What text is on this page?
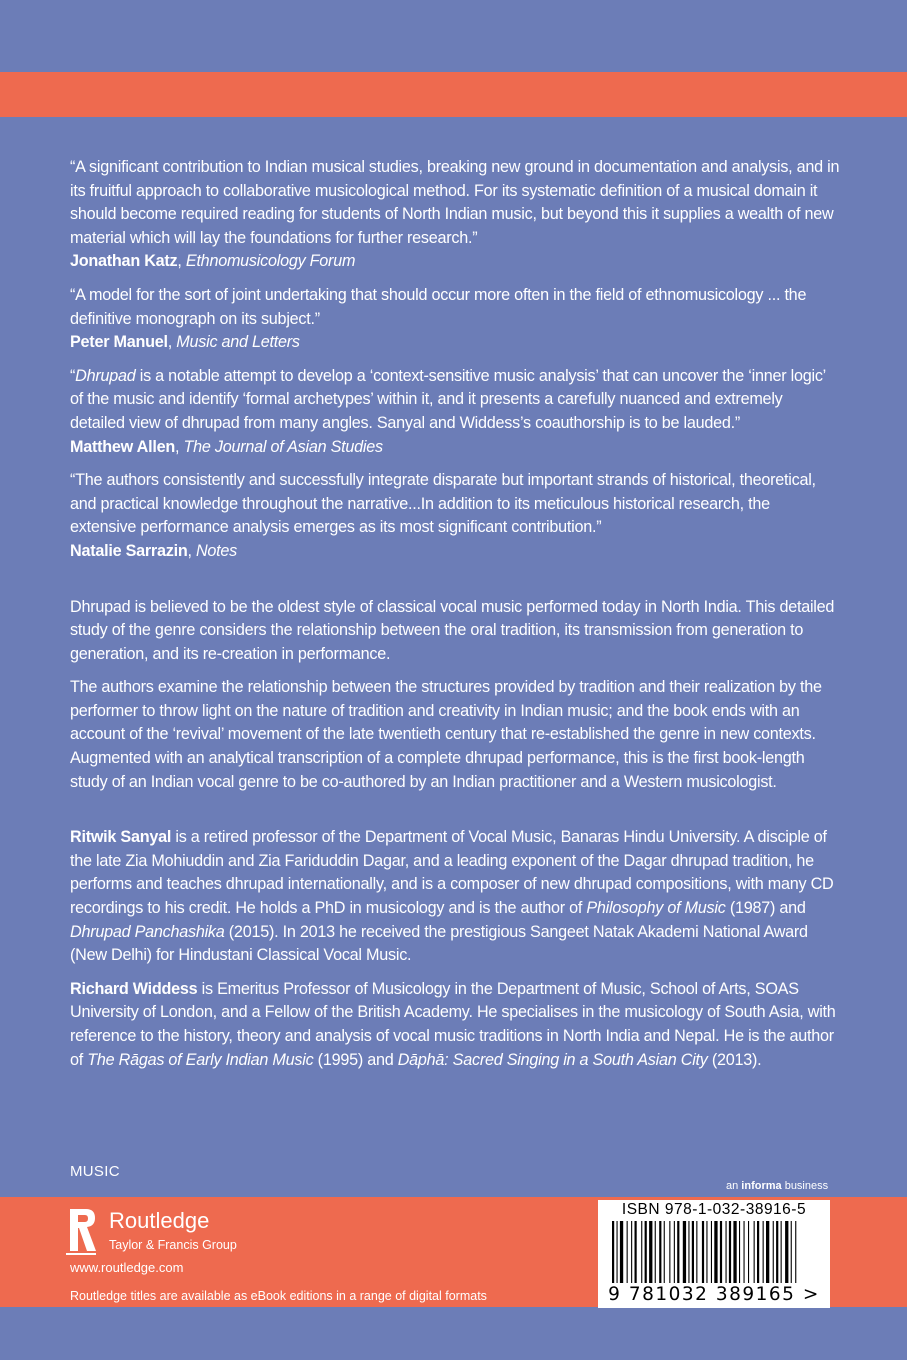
“A significant contribution to Indian musical studies, breaking new ground in documentation and analysis, and in its fruitful approach to collaborative musicological method. For its systematic definition of a musical domain it should become required reading for students of North Indian music, but beyond this it supplies a wealth of new material which will lay the foundations for further research.”
Jonathan Katz, Ethnomusicology Forum

“A model for the sort of joint undertaking that should occur more often in the field of ethnomusicology ... the definitive monograph on its subject.”
Peter Manuel, Music and Letters

“Dhrupad is a notable attempt to develop a ‘context-sensitive music analysis’ that can uncover the ‘inner logic’ of the music and identify ‘formal archetypes’ within it, and it presents a carefully nuanced and extremely detailed view of dhrupad from many angles. Sanyal and Widdess’s coauthorship is to be lauded.”
Matthew Allen, The Journal of Asian Studies

“The authors consistently and successfully integrate disparate but important strands of historical, theoretical, and practical knowledge throughout the narrative...In addition to its meticulous historical research, the extensive performance analysis emerges as its most significant contribution.”
Natalie Sarrazin, Notes

Dhrupad is believed to be the oldest style of classical vocal music performed today in North India. This detailed study of the genre considers the relationship between the oral tradition, its transmission from generation to generation, and its re-creation in performance.

The authors examine the relationship between the structures provided by tradition and their realization by the performer to throw light on the nature of tradition and creativity in Indian music; and the book ends with an account of the ‘revival’ movement of the late twentieth century that re-established the genre in new contexts. Augmented with an analytical transcription of a complete dhrupad performance, this is the first book-length study of an Indian vocal genre to be co-authored by an Indian practitioner and a Western musicologist.

Ritwik Sanyal is a retired professor of the Department of Vocal Music, Banaras Hindu University. A disciple of the late Zia Mohiuddin and Zia Fariduddin Dagar, and a leading exponent of the Dagar dhrupad tradition, he performs and teaches dhrupad internationally, and is a composer of new dhrupad compositions, with many CD recordings to his credit. He holds a PhD in musicology and is the author of Philosophy of Music (1987) and Dhrupad Panchashika (2015). In 2013 he received the prestigious Sangeet Natak Akademi National Award (New Delhi) for Hindustani Classical Vocal Music.

Richard Widdess is Emeritus Professor of Musicology in the Department of Music, School of Arts, SOAS University of London, and a Fellow of the British Academy. He specialises in the musicology of South Asia, with reference to the history, theory and analysis of vocal music traditions in North India and Nepal. He is the author of The Rāgas of Early Indian Music (1995) and Dāphā: Sacred Singing in a South Asian City (2013).

MUSIC
an informa business
Routledge
Taylor & Francis Group
www.routledge.com
Routledge titles are available as eBook editions in a range of digital formats
ISBN 978-1-032-38916-5
9 781032 389165 >
